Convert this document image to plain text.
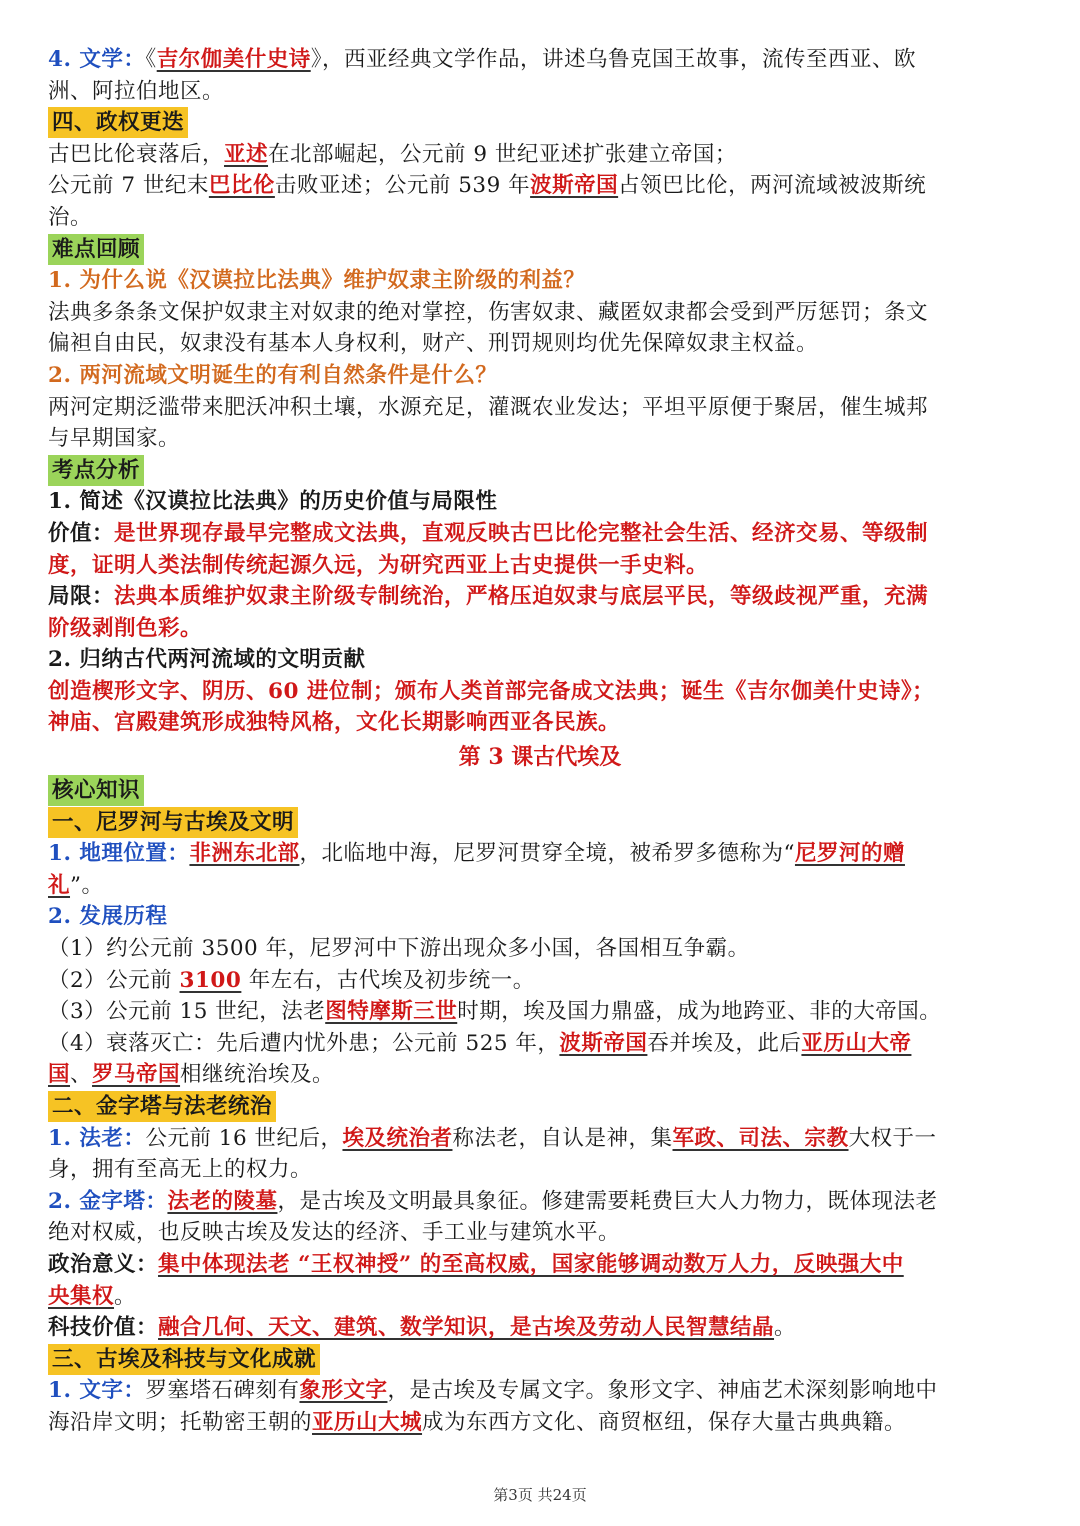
4. 文学：《吉尔伽美什史诗》，西亚经典文学作品，讲述乌鲁克国王故事，流传至西亚、欧
洲、阿拉伯地区。
四、政权更迭
古巴比伦衰落后，亚述在北部崛起，公元前 9 世纪亚述扩张建立帝国；
公元前 7 世纪末巴比伦击败亚述；公元前 539 年波斯帝国占领巴比伦，两河流域被波斯统
治。
难点回顾
1. 为什么说《汉谟拉比法典》维护奴隶主阶级的利益？
法典多条条文保护奴隶主对奴隶的绝对掌控，伤害奴隶、藏匿奴隶都会受到严厉惩罚；条文
偏袒自由民，奴隶没有基本人身权利，财产、刑罚规则均优先保障奴隶主权益。
2. 两河流域文明诞生的有利自然条件是什么？
两河定期泛滥带来肥沃冲积土壤，水源充足，灌溉农业发达；平坦平原便于聚居，催生城邦
与早期国家。
考点分析
1. 简述《汉谟拉比法典》的历史价值与局限性
价值：是世界现存最早完整成文法典，直观反映古巴比伦完整社会生活、经济交易、等级制
度，证明人类法制传统起源久远，为研究西亚上古史提供一手史料。
局限：法典本质维护奴隶主阶级专制统治，严格压迫奴隶与底层平民，等级歧视严重，充满
阶级剥削色彩。
2. 归纳古代两河流域的文明贡献
创造楔形文字、阴历、60 进位制；颁布人类首部完备成文法典；诞生《吉尔伽美什史诗》；
神庙、宫殿建筑形成独特风格，文化长期影响西亚各民族。
第 3 课古代埃及
核心知识
一、尼罗河与古埃及文明
1. 地理位置：非洲东北部，北临地中海，尼罗河贯穿全境，被希罗多德称为“尼罗河的赠
礼”。
2. 发展历程
（1）约公元前 3500 年，尼罗河中下游出现众多小国，各国相互争霸。
（2）公元前 3100 年左右，古代埃及初步统一。
（3）公元前 15 世纪，法老图特摩斯三世时期，埃及国力鼎盛，成为地跨亚、非的大帝国。
（4）衰落灭亡：先后遭内忧外患；公元前 525 年，波斯帝国吞并埃及，此后亚历山大帝
国、罗马帝国相继统治埃及。
二、金字塔与法老统治
1. 法老：公元前 16 世纪后，埃及统治者称法老，自认是神，集军政、司法、宗教大权于一
身，拥有至高无上的权力。
2. 金字塔：法老的陵墓，是古埃及文明最具象征。修建需要耗费巨大人力物力，既体现法老
绝对权威，也反映古埃及发达的经济、手工业与建筑水平。
政治意义：集中体现法老 “王权神授” 的至高权威，国家能够调动数万人力，反映强大中
央集权。
科技价值：融合几何、天文、建筑、数学知识，是古埃及劳动人民智慧结晶。
三、古埃及科技与文化成就
1. 文字：罗塞塔石碑刻有象形文字，是古埃及专属文字。象形文字、神庙艺术深刻影响地中
海沿岸文明；托勒密王朝的亚历山大城成为东西方文化、商贸枢纽，保存大量古典典籍。
第3页 共24页
